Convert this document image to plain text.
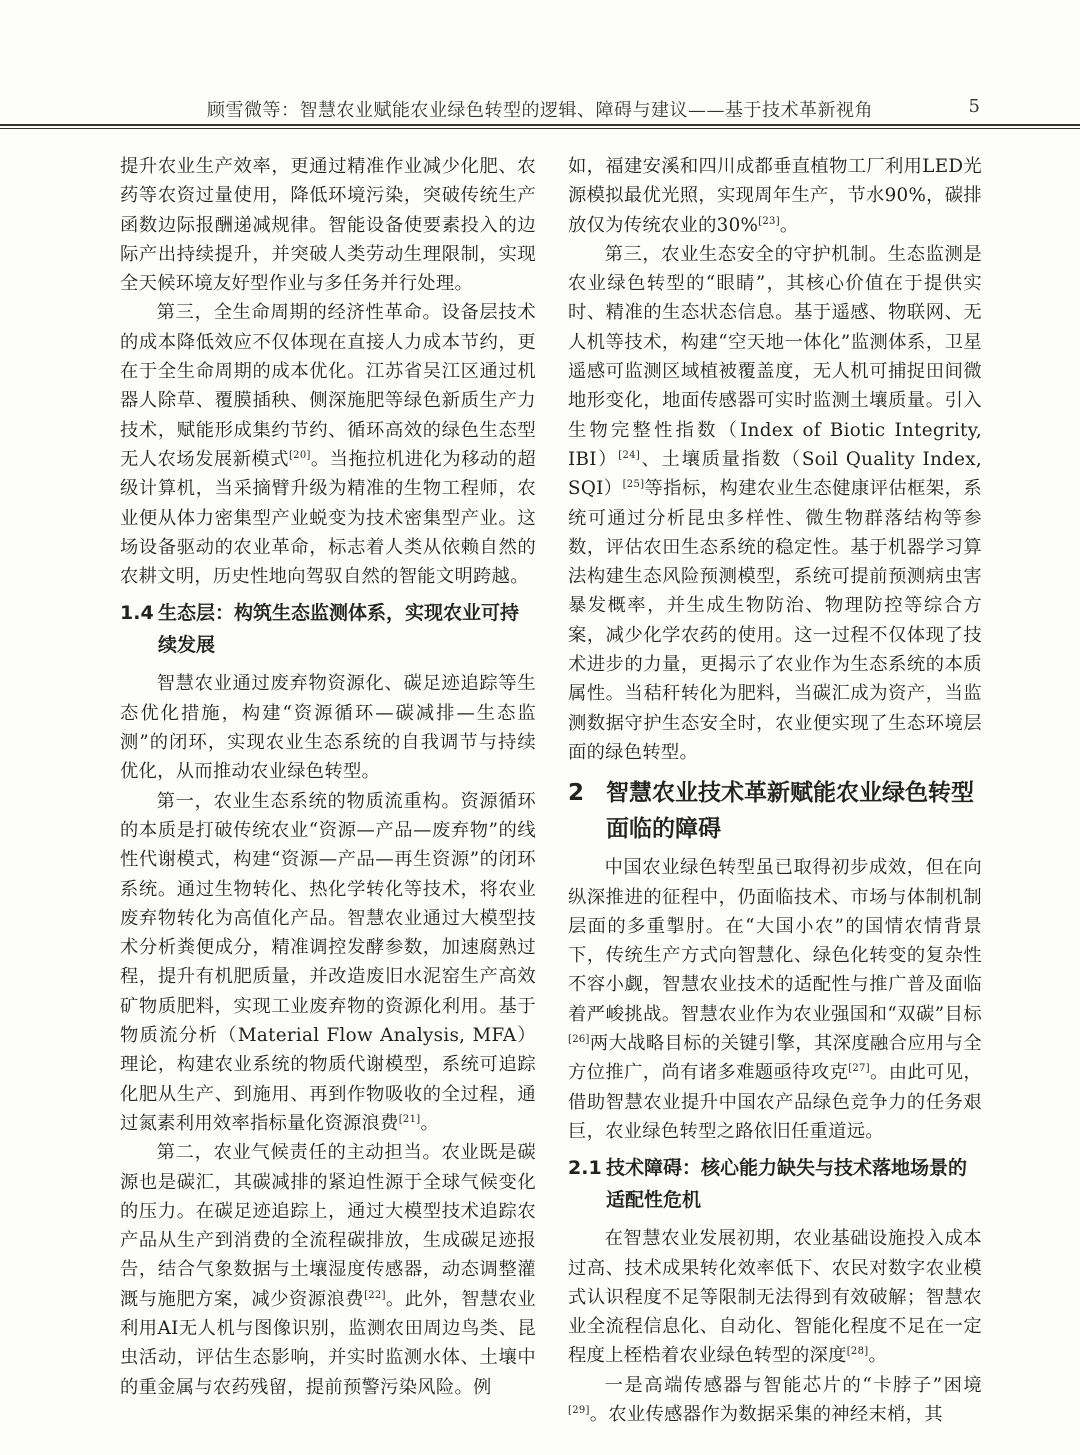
顾雪微等：智慧农业赋能农业绿色转型的逻辑、障碍与建议——基于技术革新视角	5

提升农业生产效率，更通过精准作业减少化肥、农药等农资过量使用，降低环境污染，突破传统生产函数边际报酬递减规律。智能设备使要素投入的边际产出持续提升，并突破人类劳动生理限制，实现全天候环境友好型作业与多任务并行处理。

第三，全生命周期的经济性革命。设备层技术的成本降低效应不仅体现在直接人力成本节约，更在于全生命周期的成本优化。江苏省吴江区通过机器人除草、覆膜插秧、侧深施肥等绿色新质生产力技术，赋能形成集约节约、循环高效的绿色生态型无人农场发展新模式[20]。当拖拉机进化为移动的超级计算机，当采摘臂升级为精准的生物工程师，农业便从体力密集型产业蜕变为技术密集型产业。这场设备驱动的农业革命，标志着人类从依赖自然的农耕文明，历史性地向驾驭自然的智能文明跨越。

1.4 生态层：构筑生态监测体系，实现农业可持续发展

智慧农业通过废弃物资源化、碳足迹追踪等生态优化措施，构建“资源循环—碳减排—生态监测”的闭环，实现农业生态系统的自我调节与持续优化，从而推动农业绿色转型。

第一，农业生态系统的物质流重构。资源循环的本质是打破传统农业“资源—产品—废弃物”的线性代谢模式，构建“资源—产品—再生资源”的闭环系统。通过生物转化、热化学转化等技术，将农业废弃物转化为高值化产品。智慧农业通过大模型技术分析粪便成分，精准调控发酵参数，加速腐熟过程，提升有机肥质量，并改造废旧水泥窑生产高效矿物质肥料，实现工业废弃物的资源化利用。基于物质流分析（Material Flow Analysis, MFA）理论，构建农业系统的物质代谢模型，系统可追踪化肥从生产、到施用、再到作物吸收的全过程，通过氮素利用效率指标量化资源浪费[21]。

第二，农业气候责任的主动担当。农业既是碳源也是碳汇，其碳减排的紧迫性源于全球气候变化的压力。在碳足迹追踪上，通过大模型技术追踪农产品从生产到消费的全流程碳排放，生成碳足迹报告，结合气象数据与土壤湿度传感器，动态调整灌溉与施肥方案，减少资源浪费[22]。此外，智慧农业利用AI无人机与图像识别，监测农田周边鸟类、昆虫活动，评估生态影响，并实时监测水体、土壤中的重金属与农药残留，提前预警污染风险。例

如，福建安溪和四川成都垂直植物工厂利用LED光源模拟最优光照，实现周年生产，节水90%，碳排放仅为传统农业的30%[23]。

第三，农业生态安全的守护机制。生态监测是农业绿色转型的“眼睛”，其核心价值在于提供实时、精准的生态状态信息。基于遥感、物联网、无人机等技术，构建“空天地一体化”监测体系，卫星遥感可监测区域植被覆盖度，无人机可捕捉田间微地形变化，地面传感器可实时监测土壤质量。引入生物完整性指数（Index of Biotic Integrity, IBI）[24]、土壤质量指数（Soil Quality Index, SQI）[25]等指标，构建农业生态健康评估框架，系统可通过分析昆虫多样性、微生物群落结构等参数，评估农田生态系统的稳定性。基于机器学习算法构建生态风险预测模型，系统可提前预测病虫害暴发概率，并生成生物防治、物理防控等综合方案，减少化学农药的使用。这一过程不仅体现了技术进步的力量，更揭示了农业作为生态系统的本质属性。当秸秆转化为肥料，当碳汇成为资产，当监测数据守护生态安全时，农业便实现了生态环境层面的绿色转型。

2 智慧农业技术革新赋能农业绿色转型面临的障碍

中国农业绿色转型虽已取得初步成效，但在向纵深推进的征程中，仍面临技术、市场与体制机制层面的多重掣肘。在“大国小农”的国情农情背景下，传统生产方式向智慧化、绿色化转变的复杂性不容小觑，智慧农业技术的适配性与推广普及面临着严峻挑战。智慧农业作为农业强国和“双碳”目标[26]两大战略目标的关键引擎，其深度融合应用与全方位推广，尚有诸多难题亟待攻克[27]。由此可见，借助智慧农业提升中国农产品绿色竞争力的任务艰巨，农业绿色转型之路依旧任重道远。

2.1 技术障碍：核心能力缺失与技术落地场景的适配性危机

在智慧农业发展初期，农业基础设施投入成本过高、技术成果转化效率低下、农民对数字农业模式认识程度不足等限制无法得到有效破解；智慧农业全流程信息化、自动化、智能化程度不足在一定程度上桎梏着农业绿色转型的深度[28]。

一是高端传感器与智能芯片的“卡脖子”困境[29]。农业传感器作为数据采集的神经末梢，其
